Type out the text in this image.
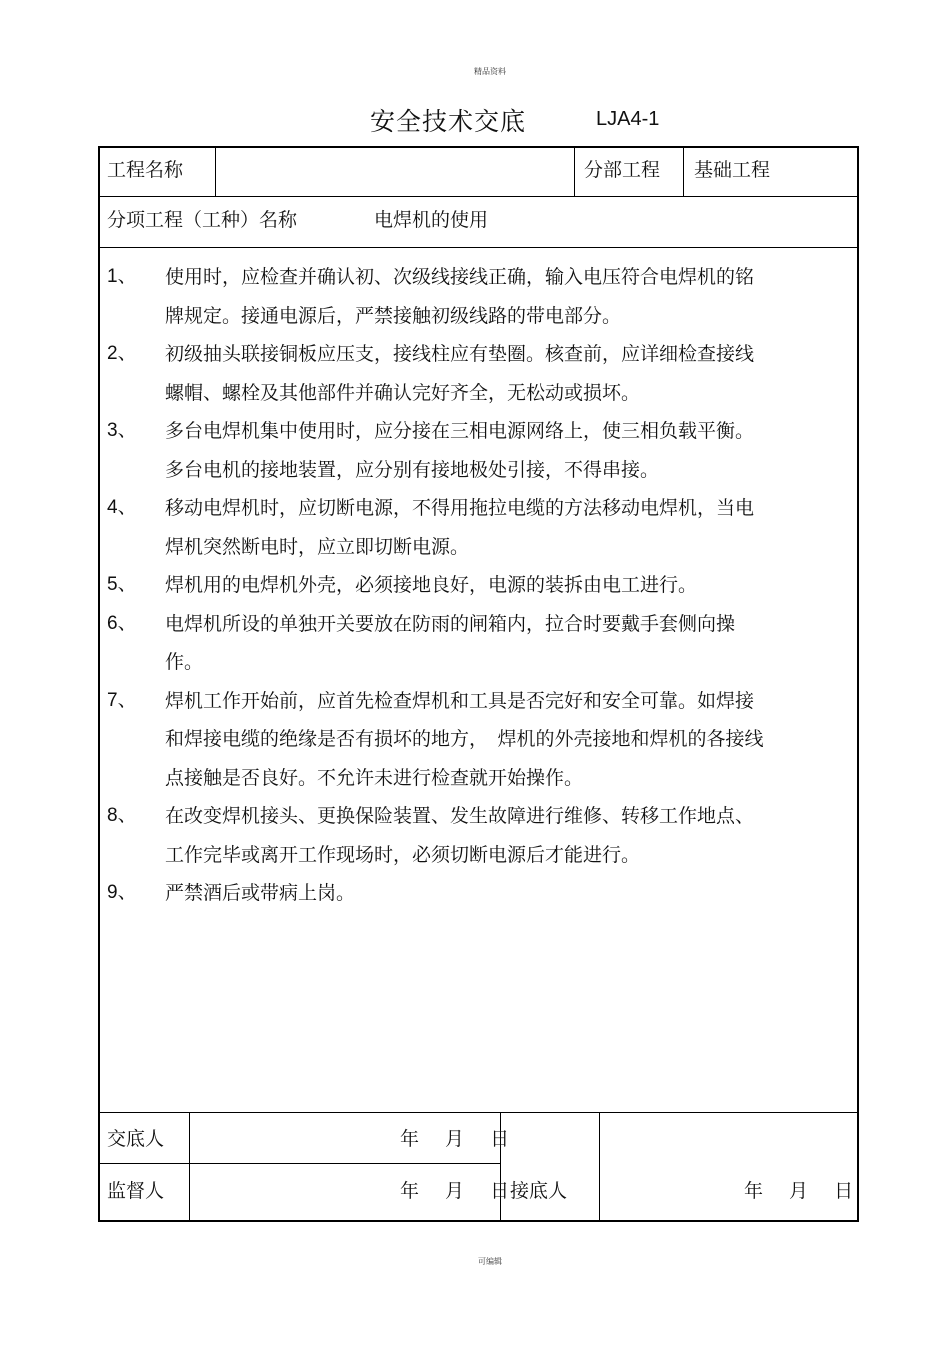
精品资料
安全技术交底	LJA4-1
工程名称	分部工程 基础工程
分项工程（工种）名称	电焊机的使用
1、	使用时，应检查并确认初、次级线接线正确，输入电压符合电焊机的铭
牌规定。接通电源后，严禁接触初级线路的带电部分。
2、	初级抽头联接铜板应压支，接线柱应有垫圈。核查前，应详细检查接线
螺帽、螺栓及其他部件并确认完好齐全，无松动或损坏。
3、	多台电焊机集中使用时，应分接在三相电源网络上，使三相负载平衡。
多台电机的接地装置，应分别有接地极处引接，不得串接。
4、	移动电焊机时，应切断电源，不得用拖拉电缆的方法移动电焊机，当电
焊机突然断电时，应立即切断电源。
5、	焊机用的电焊机外壳，必须接地良好，电源的装拆由电工进行。
6、	电焊机所设的单独开关要放在防雨的闸箱内，拉合时要戴手套侧向操
作。
7、	焊机工作开始前，应首先检查焊机和工具是否完好和安全可靠。如焊接
和焊接电缆的绝缘是否有损坏的地方，　焊机的外壳接地和焊机的各接线
点接触是否良好。不允许未进行检查就开始操作。
8、	在改变焊机接头、更换保险装置、发生故障进行维修、转移工作地点、
工作完毕或离开工作现场时，必须切断电源后才能进行。
9、	严禁酒后或带病上岗。
交底人	年 月 日
监督人	年 月 日
接底人	年 月 日
可编辑
